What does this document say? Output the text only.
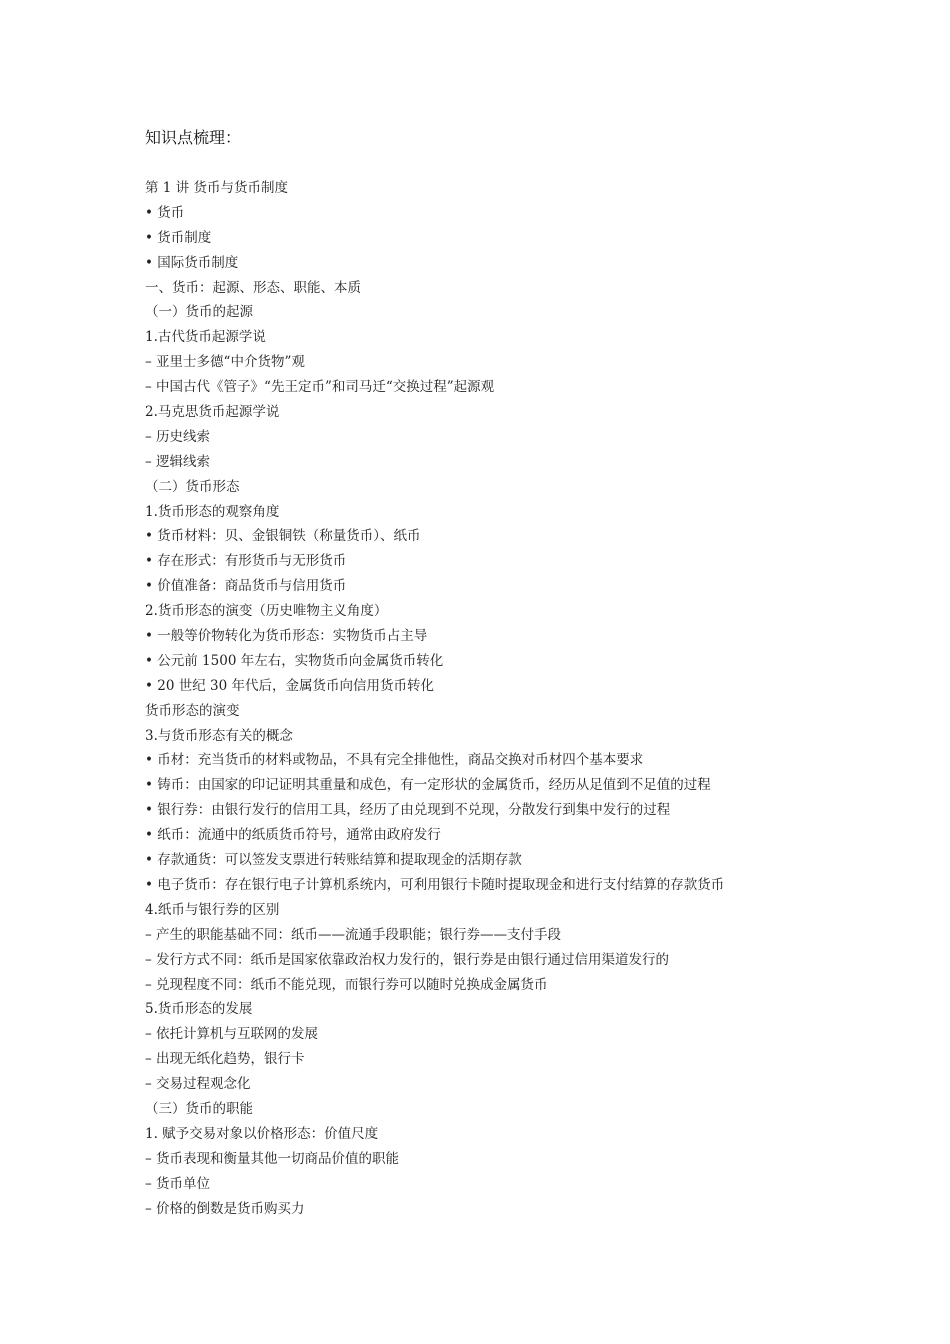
知识点梳理：
第 1 讲 货币与货币制度
• 货币
• 货币制度
• 国际货币制度
一、货币：起源、形态、职能、本质
（一）货币的起源
1.古代货币起源学说
– 亚里士多德“中介货物”观
– 中国古代《管子》“先王定币”和司马迁“交换过程”起源观
2.马克思货币起源学说
– 历史线索
– 逻辑线索
（二）货币形态
1.货币形态的观察角度
• 货币材料：贝、金银铜铁（称量货币）、纸币
• 存在形式：有形货币与无形货币
• 价值准备：商品货币与信用货币
2.货币形态的演变（历史唯物主义角度）
• 一般等价物转化为货币形态：实物货币占主导
• 公元前 1500 年左右，实物货币向金属货币转化
• 20 世纪 30 年代后，金属货币向信用货币转化
货币形态的演变
3.与货币形态有关的概念
• 币材：充当货币的材料或物品，不具有完全排他性，商品交换对币材四个基本要求
• 铸币：由国家的印记证明其重量和成色，有一定形状的金属货币，经历从足值到不足值的过程
• 银行券：由银行发行的信用工具，经历了由兑现到不兑现，分散发行到集中发行的过程
• 纸币：流通中的纸质货币符号，通常由政府发行
• 存款通货：可以签发支票进行转账结算和提取现金的活期存款
• 电子货币：存在银行电子计算机系统内，可利用银行卡随时提取现金和进行支付结算的存款货币
4.纸币与银行券的区别
– 产生的职能基础不同：纸币——流通手段职能；银行券——支付手段
– 发行方式不同：纸币是国家依靠政治权力发行的，银行券是由银行通过信用渠道发行的
– 兑现程度不同：纸币不能兑现，而银行券可以随时兑换成金属货币
5.货币形态的发展
– 依托计算机与互联网的发展
– 出现无纸化趋势，银行卡
– 交易过程观念化
（三）货币的职能
1. 赋予交易对象以价格形态：价值尺度
– 货币表现和衡量其他一切商品价值的职能
– 货币单位
– 价格的倒数是货币购买力
